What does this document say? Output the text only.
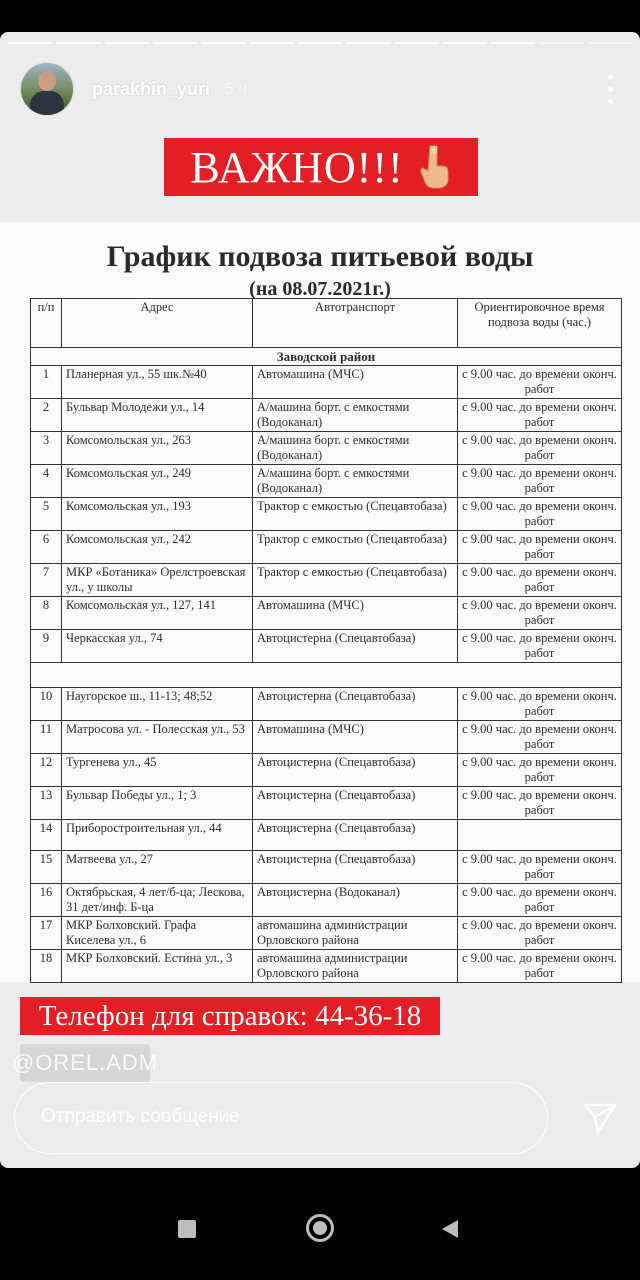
parakhin_yuri 5 ч.
ВАЖНО!!!
График подвоза питьевой воды
(на 08.07.2021г.)
п/п	Адрес	Автотранспорт	Ориентировочное время подвоза воды (час.)
Заводской район			
1	Планерная ул., 55 шк.№40	Автомашина (МЧС)	с 9.00 час. до времени оконч. работ
2	Бульвар Молодежи ул., 14	А/машина борт. с емкостями (Водоканал)	с 9.00 час. до времени оконч. работ
3	Комсомольская ул., 263	А/машина борт. с емкостями (Водоканал)	с 9.00 час. до времени оконч. работ
4	Комсомольская ул., 249	А/машина борт. с емкостями (Водоканал)	с 9.00 час. до времени оконч. работ
5	Комсомольская ул., 193	Трактор с емкостью (Спецавтобаза)	с 9.00 час. до времени оконч. работ
6	Комсомольская ул., 242	Трактор с емкостью (Спецавтобаза)	с 9.00 час. до времени оконч. работ
7	МКР «Ботаника» Орелстроевская ул., у школы	Трактор с емкостью (Спецавтобаза)	с 9.00 час. до времени оконч. работ
8	Комсомольская ул., 127, 141	Автомашина (МЧС)	с 9.00 час. до времени оконч. работ
9	Черкасская ул., 74	Автоцистерна (Спецавтобаза)	с 9.00 час. до времени оконч. работ

10	Наугорское ш., 11-13; 48;52	Автоцистерна (Спецавтобаза)	с 9.00 час. до времени оконч. работ
11	Матросова ул. - Полесская ул., 53	Автомашина (МЧС)	с 9.00 час. до времени оконч. работ
12	Тургенева ул., 45	Автоцистерна (Спецавтобаза)	с 9.00 час. до времени оконч. работ
13	Бульвар Победы ул., 1; 3	Автоцистерна (Спецавтобаза)	с 9.00 час. до времени оконч. работ
14	Приборостроительная ул., 44	Автоцистерна (Спецавтобаза)	
15	Матвеева ул., 27	Автоцистерна (Спецавтобаза)	с 9.00 час. до времени оконч. работ
16	Октябрьская, 4 лет/б-ца; Лескова, 31 дет/инф. Б-ца	Автоцистерна (Водоканал)	с 9.00 час. до времени оконч. работ
17	МКР Болховский. Графа Киселева ул., 6	автомашина администрации Орловского района	с 9.00 час. до времени оконч. работ
18	МКР Болховский. Естина ул., 3	автомашина администрации Орловского района	с 9.00 час. до времени оконч. работ
Телефон для справок: 44-36-18
@OREL.ADM
Отправить сообщение
